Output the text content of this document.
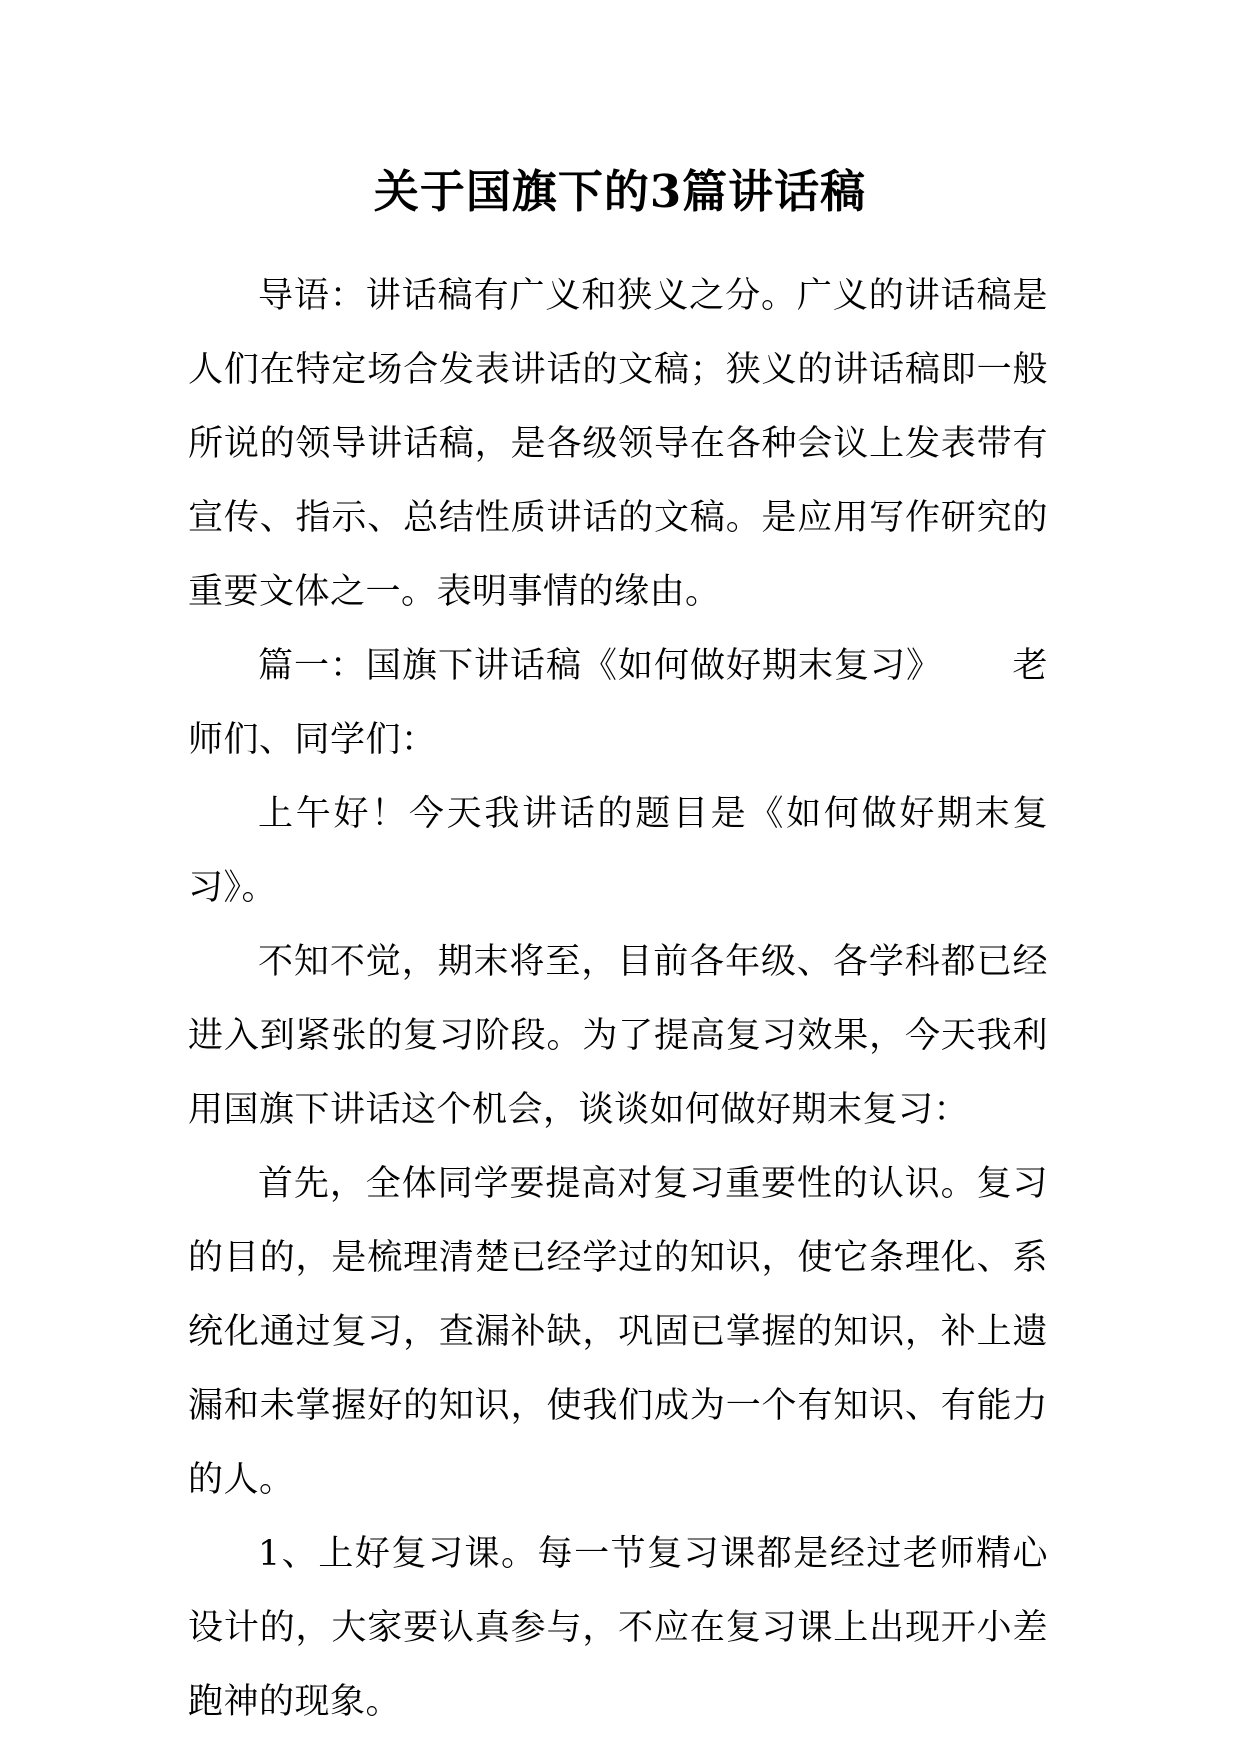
关于国旗下的3篇讲话稿

导语：讲话稿有广义和狭义之分。广义的讲话稿是人们在特定场合发表讲话的文稿；狭义的讲话稿即一般所说的领导讲话稿，是各级领导在各种会议上发表带有宣传、指示、总结性质讲话的文稿。是应用写作研究的重要文体之一。表明事情的缘由。

篇一：国旗下讲话稿《如何做好期末复习》 老师们、同学们：

上午好！今天我讲话的题目是《如何做好期末复习》。

不知不觉，期末将至，目前各年级、各学科都已经进入到紧张的复习阶段。为了提高复习效果，今天我利用国旗下讲话这个机会，谈谈如何做好期末复习：

首先，全体同学要提高对复习重要性的认识。复习的目的，是梳理清楚已经学过的知识，使它条理化、系统化通过复习，查漏补缺，巩固已掌握的知识，补上遗漏和未掌握好的知识，使我们成为一个有知识、有能力的人。

1、上好复习课。每一节复习课都是经过老师精心设计的，大家要认真参与，不应在复习课上出现开小差跑神的现象。
